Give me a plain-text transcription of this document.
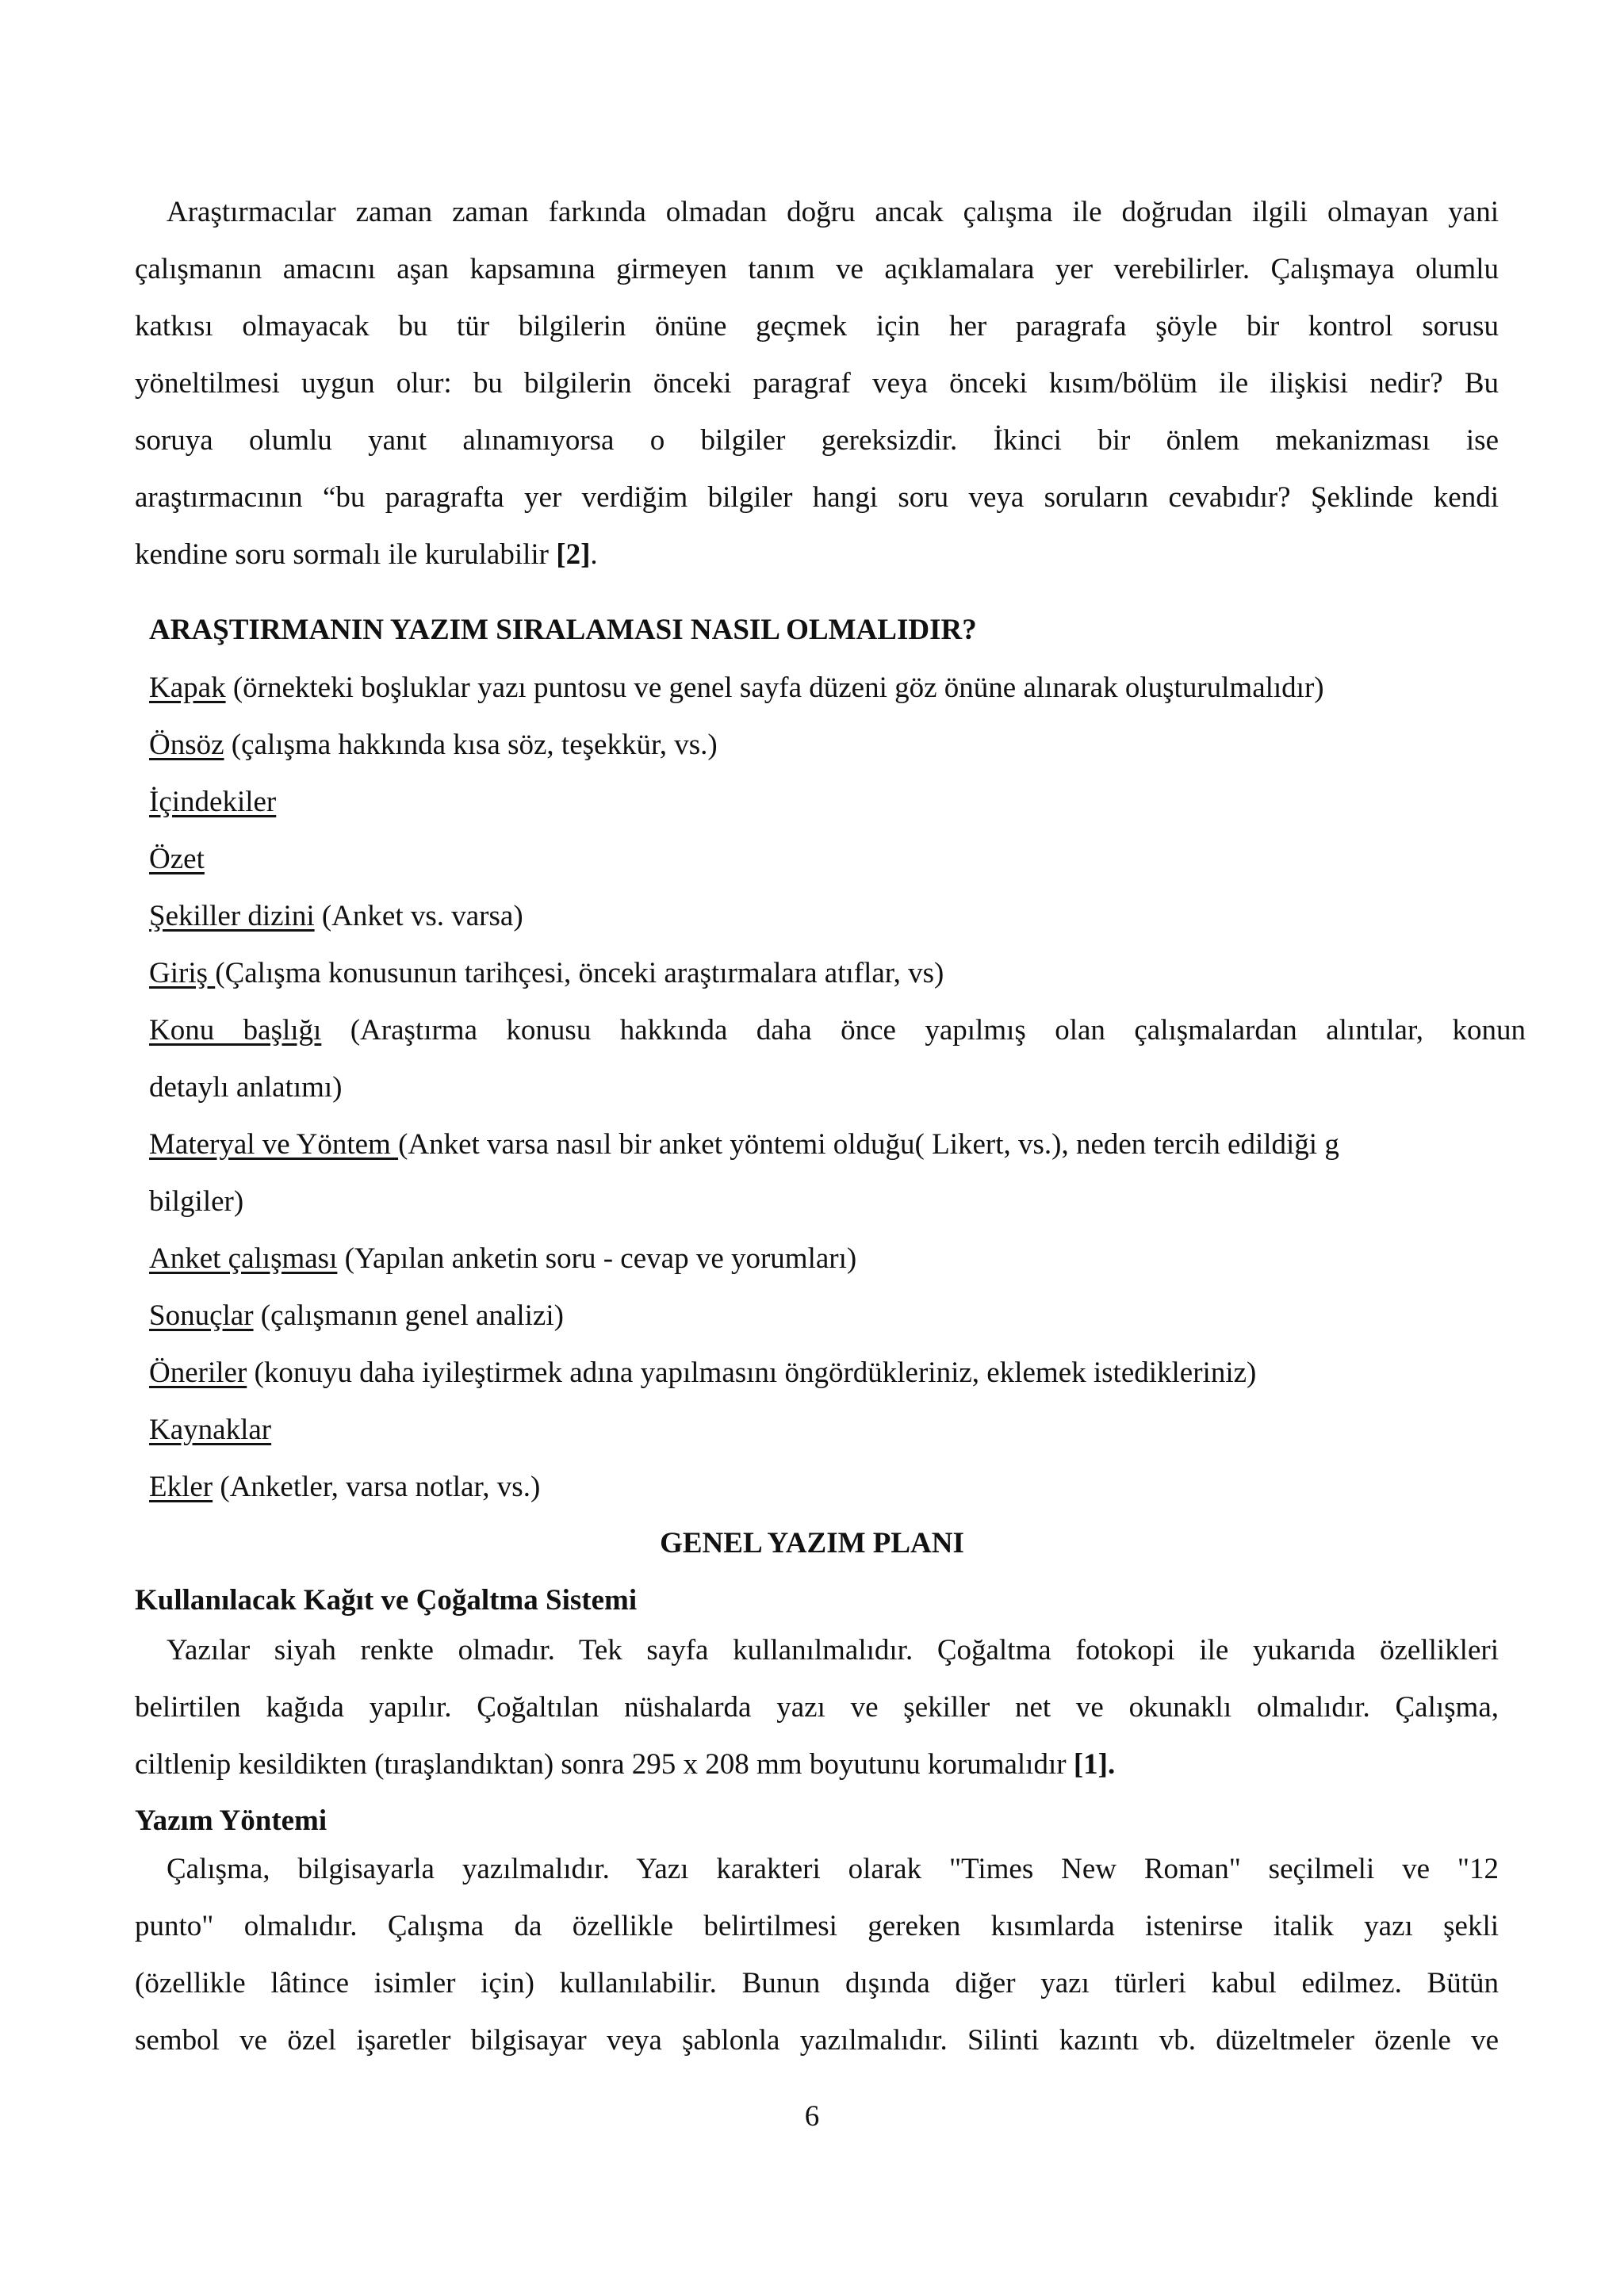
Araştırmacılar zaman zaman farkında olmadan doğru ancak çalışma ile doğrudan ilgili olmayan yani
çalışmanın amacını aşan kapsamına girmeyen tanım ve açıklamalara yer verebilirler. Çalışmaya olumlu
katkısı olmayacak bu tür bilgilerin önüne geçmek için her paragrafa şöyle bir kontrol sorusu
yöneltilmesi uygun olur: bu bilgilerin önceki paragraf veya önceki kısım/bölüm ile ilişkisi nedir? Bu
soruya olumlu yanıt alınamıyorsa o bilgiler gereksizdir. İkinci bir önlem mekanizması ise
araştırmacının “bu paragrafta yer verdiğim bilgiler hangi soru veya soruların cevabıdır? Şeklinde kendi
kendine soru sormalı ile kurulabilir [2].

ARAŞTIRMANIN YAZIM SIRALAMASI NASIL OLMALIDIR?

Kapak (örnekteki boşluklar yazı puntosu ve genel sayfa düzeni göz önüne alınarak oluşturulmalıdır)
Önsöz (çalışma hakkında kısa söz, teşekkür, vs.)
İçindekiler
Özet
Şekiller dizini (Anket vs. varsa)
Giriş (Çalışma konusunun tarihçesi, önceki araştırmalara atıflar, vs)
Konu başlığı (Araştırma konusu hakkında daha önce yapılmış olan çalışmalardan alıntılar, konun
detaylı anlatımı)
Materyal ve Yöntem (Anket varsa nasıl bir anket yöntemi olduğu( Likert, vs.), neden tercih edildiği g
bilgiler)
Anket çalışması (Yapılan anketin soru - cevap ve yorumları)
Sonuçlar (çalışmanın genel analizi)
Öneriler (konuyu daha iyileştirmek adına yapılmasını öngördükleriniz, eklemek istedikleriniz)
Kaynaklar
Ekler (Anketler, varsa notlar, vs.)

GENEL YAZIM PLANI

Kullanılacak Kağıt ve Çoğaltma Sistemi

Yazılar siyah renkte olmadır. Tek sayfa kullanılmalıdır. Çoğaltma fotokopi ile yukarıda özellikleri
belirtilen kağıda yapılır. Çoğaltılan nüshalarda yazı ve şekiller net ve okunaklı olmalıdır. Çalışma,
ciltlenip kesildikten (tıraşlandıktan) sonra 295 x 208 mm boyutunu korumalıdır [1].

Yazım Yöntemi

Çalışma, bilgisayarla yazılmalıdır. Yazı karakteri olarak "Times New Roman" seçilmeli ve "12
punto" olmalıdır. Çalışma da özellikle belirtilmesi gereken kısımlarda istenirse italik yazı şekli
(özellikle lâtince isimler için) kullanılabilir. Bunun dışında diğer yazı türleri kabul edilmez. Bütün
sembol ve özel işaretler bilgisayar veya şablonla yazılmalıdır. Silinti kazıntı vb. düzeltmeler özenle ve

6
